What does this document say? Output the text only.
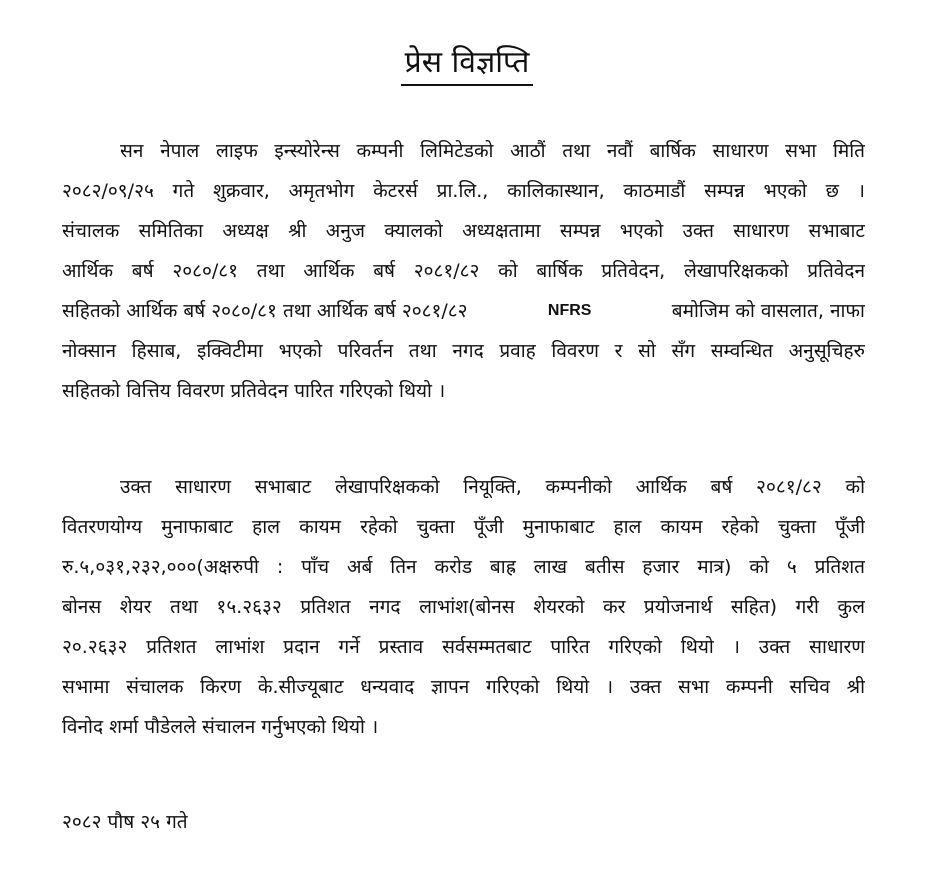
प्रेस विज्ञप्ति
सन नेपाल लाइफ इन्स्योरेन्स कम्पनी लिमिटेडको आठौं तथा नवौं बार्षिक साधारण सभा मिति
२०८२/०९/२५ गते शुक्रवार, अमृतभोग केटरर्स प्रा.लि., कालिकास्थान, काठमाडौं सम्पन्न भएको छ ।
संचालक समितिका अध्यक्ष श्री अनुज क्यालको अध्यक्षतामा सम्पन्न भएको उक्त साधारण सभाबाट
आर्थिक बर्ष २०८०/८१ तथा आर्थिक बर्ष २०८१/८२ को बार्षिक प्रतिवेदन, लेखापरिक्षकको प्रतिवेदन
सहितको आर्थिक बर्ष २०८०/८१ तथा आर्थिक बर्ष २०८१/८२	NFRS	बमोजिम को वासलात, नाफा
नोक्सान हिसाब, इक्विटीमा भएको परिवर्तन तथा नगद प्रवाह विवरण र सो सँग सम्वन्धित अनुसूचिहरु
सहितको वित्तिय विवरण प्रतिवेदन पारित गरिएको थियो ।
उक्त साधारण सभाबाट लेखापरिक्षकको नियूक्ति, कम्पनीको आर्थिक बर्ष २०८१/८२ को
वितरणयोग्य मुनाफाबाट हाल कायम रहेको चुक्ता पूँजी मुनाफाबाट हाल कायम रहेको चुक्ता पूँजी
रु.५,०३१,२३२,०००(अक्षरुपी : पाँच अर्ब तिन करोड बाह्र लाख बतीस हजार मात्र) को ५ प्रतिशत
बोनस शेयर तथा १५.२६३२ प्रतिशत नगद लाभांश(बोनस शेयरको कर प्रयोजनार्थ सहित) गरी कुल
२०.२६३२ प्रतिशत लाभांश प्रदान गर्ने प्रस्ताव सर्वसम्मतबाट पारित गरिएको थियो । उक्त साधारण
सभामा संचालक किरण के.सीज्यूबाट धन्यवाद ज्ञापन गरिएको थियो । उक्त सभा कम्पनी सचिव श्री
विनोद शर्मा पौडेलले संचालन गर्नुभएको थियो ।
२०८२ पौष २५ गते
